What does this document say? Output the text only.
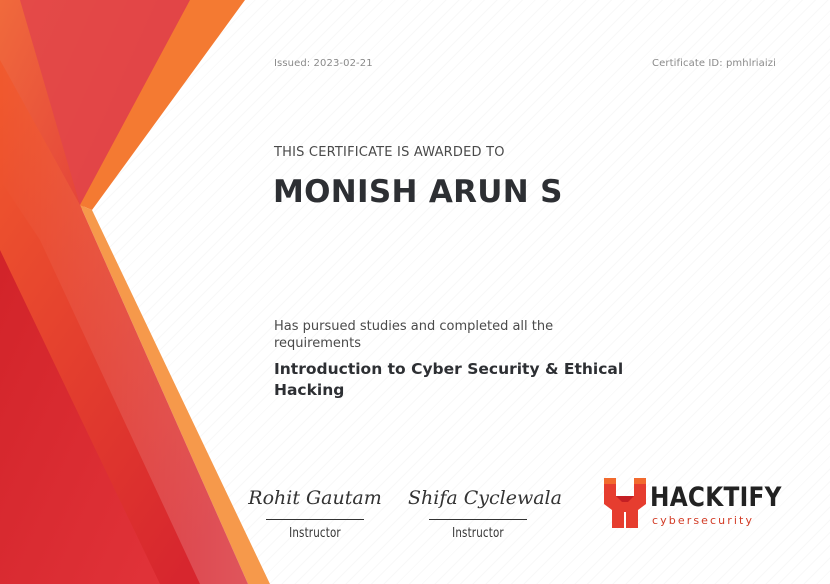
Issued: 2023-02-21	Certificate ID: pmhlriaizi
THIS CERTIFICATE IS AWARDED TO
MONISH ARUN S
Has pursued studies and completed all the requirements
Introduction to Cyber Security & Ethical Hacking
Rohit Gautam
Instructor
Shifa Cyclewala
Instructor
HACKTIFY
cybersecurity
